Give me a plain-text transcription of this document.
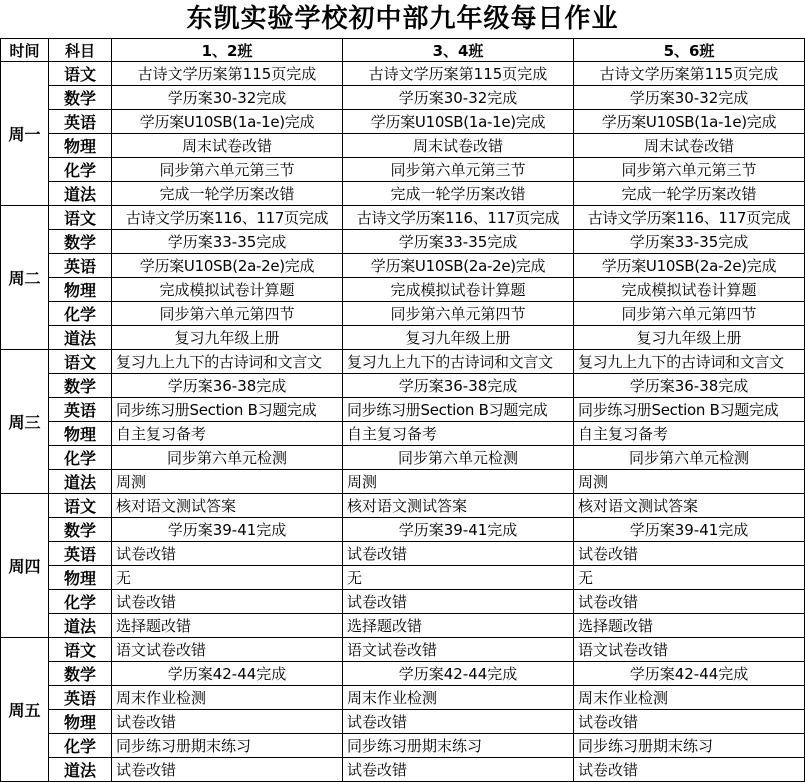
东凯实验学校初中部九年级每日作业
时间	科目	1、2班	3、4班	5、6班
周一	语文	古诗文学历案第115页完成	古诗文学历案第115页完成	古诗文学历案第115页完成
	数学	学历案30-32完成	学历案30-32完成	学历案30-32完成
	英语	学历案U10SB(1a-1e)完成	学历案U10SB(1a-1e)完成	学历案U10SB(1a-1e)完成
	物理	周末试卷改错	周末试卷改错	周末试卷改错
	化学	同步第六单元第三节	同步第六单元第三节	同步第六单元第三节
	道法	完成一轮学历案改错	完成一轮学历案改错	完成一轮学历案改错
周二	语文	古诗文学历案116、117页完成	古诗文学历案116、117页完成	古诗文学历案116、117页完成
	数学	学历案33-35完成	学历案33-35完成	学历案33-35完成
	英语	学历案U10SB(2a-2e)完成	学历案U10SB(2a-2e)完成	学历案U10SB(2a-2e)完成
	物理	完成模拟试卷计算题	完成模拟试卷计算题	完成模拟试卷计算题
	化学	同步第六单元第四节	同步第六单元第四节	同步第六单元第四节
	道法	复习九年级上册	复习九年级上册	复习九年级上册
周三	语文	复习九上九下的古诗词和文言文	复习九上九下的古诗词和文言文	复习九上九下的古诗词和文言文
	数学	学历案36-38完成	学历案36-38完成	学历案36-38完成
	英语	同步练习册Section B习题完成	同步练习册Section B习题完成	同步练习册Section B习题完成
	物理	自主复习备考	自主复习备考	自主复习备考
	化学	同步第六单元检测	同步第六单元检测	同步第六单元检测
	道法	周测	周测	周测
周四	语文	核对语文测试答案	核对语文测试答案	核对语文测试答案
	数学	学历案39-41完成	学历案39-41完成	学历案39-41完成
	英语	试卷改错	试卷改错	试卷改错
	物理	无	无	无
	化学	试卷改错	试卷改错	试卷改错
	道法	选择题改错	选择题改错	选择题改错
周五	语文	语文试卷改错	语文试卷改错	语文试卷改错
	数学	学历案42-44完成	学历案42-44完成	学历案42-44完成
	英语	周末作业检测	周末作业检测	周末作业检测
	物理	试卷改错	试卷改错	试卷改错
	化学	同步练习册期末练习	同步练习册期末练习	同步练习册期末练习
	道法	试卷改错	试卷改错	试卷改错
